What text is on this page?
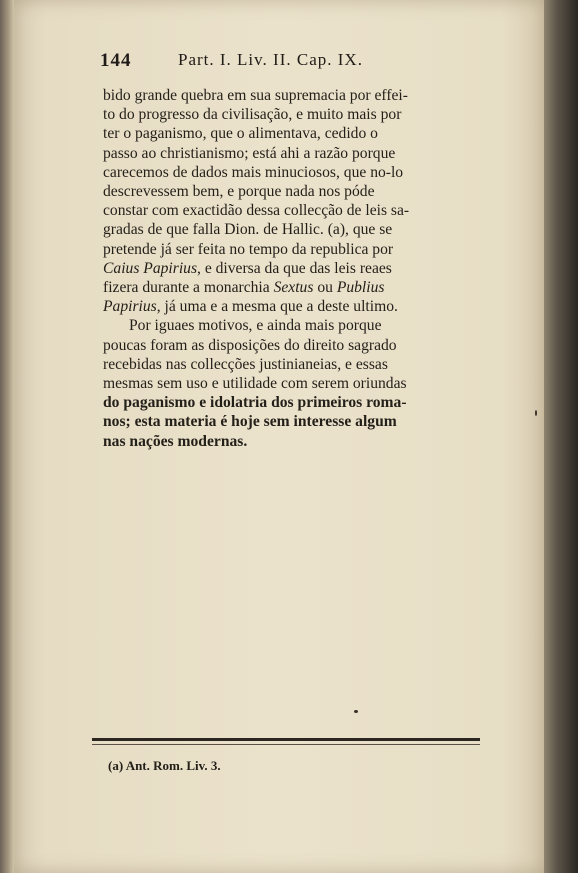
144	Part. I. Liv. II. Cap. IX.
bido grande quebra em sua supremacia por effei-
to do progresso da civilisação, e muito mais por
ter o paganismo, que o alimentava, cedido o
passo ao christianismo; está ahi a razão porque
carecemos de dados mais minuciosos, que no-lo
descrevessem bem, e porque nada nos póde
constar com exactidão dessa collecção de leis sa-
gradas de que falla Dion. de Hallic. (a), que se
pretende já ser feita no tempo da republica por
Caius Papirius, e diversa da que das leis reaes
fizera durante a monarchia Sextus ou Publius
Papirius, já uma e a mesma que a deste ultimo.
Por iguaes motivos, e ainda mais porque
poucas foram as disposições do direito sagrado
recebidas nas collecções justinianeias, e essas
mesmas sem uso e utilidade com serem oriundas
do paganismo e idolatria dos primeiros roma-
nos; esta materia é hoje sem interesse algum
nas nações modernas.
(a) Ant. Rom. Liv. 3.
